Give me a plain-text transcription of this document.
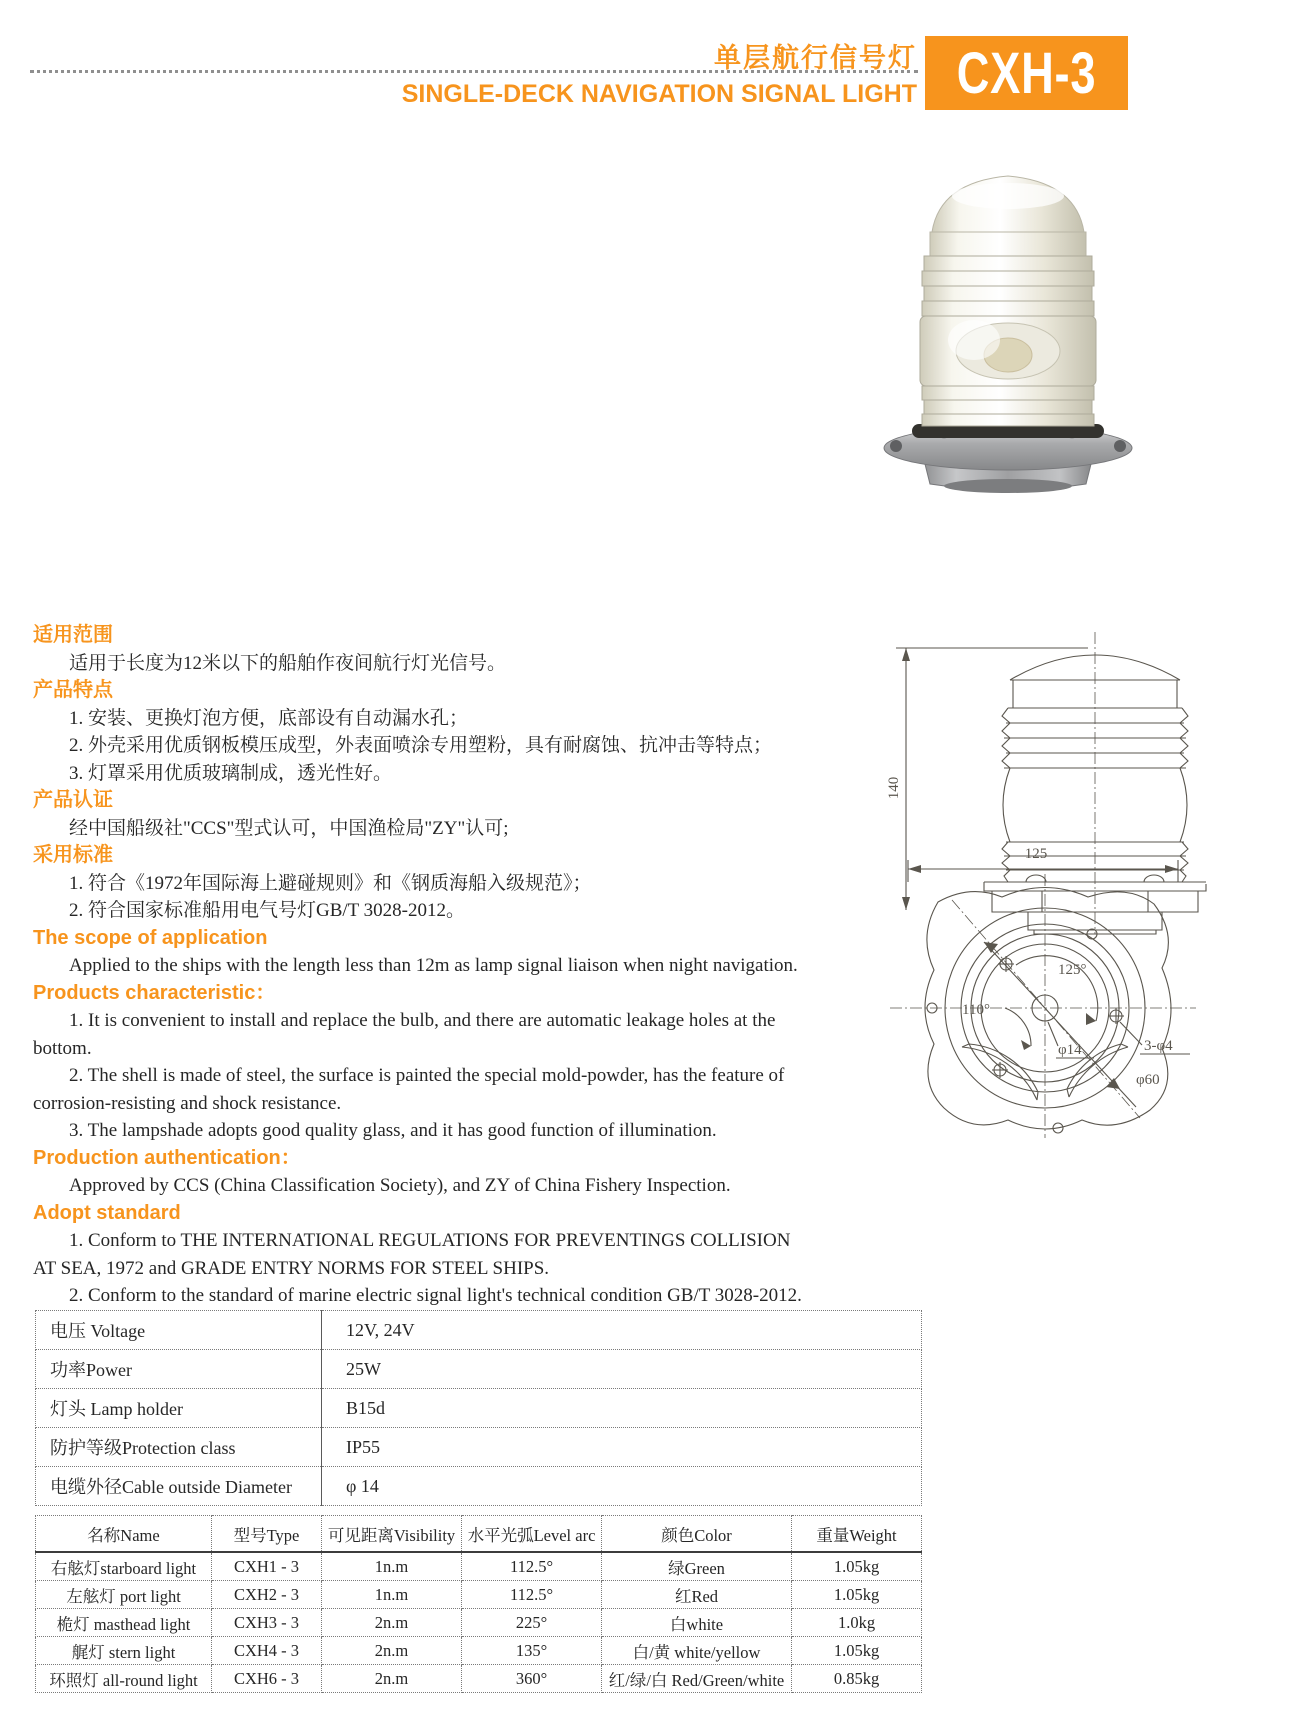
单层航行信号灯
SINGLE-DECK NAVIGATION SIGNAL LIGHT CXH-3
140
125
125°
110°
φ14	3-φ4
φ60
适用范围

适用于长度为12米以下的船舶作夜间航行灯光信号。

产品特点

1. 安装、更换灯泡方便，底部设有自动漏水孔；

2. 外壳采用优质钢板模压成型，外表面喷涂专用塑粉，具有耐腐蚀、抗冲击等特点；

3. 灯罩采用优质玻璃制成，透光性好。

产品认证

经中国船级社"CCS"型式认可，中国渔检局"ZY"认可;

采用标准

1. 符合《1972年国际海上避碰规则》和《钢质海船入级规范》；

2. 符合国家标准船用电气号灯GB/T 3028-2012。

The scope of application

Applied to the ships with the length less than 12m as lamp signal liaison when night navigation.

Products characteristic：

1. It is convenient to install and replace the bulb, and there are automatic leakage holes at the

bottom.

2. The shell is made of steel, the surface is painted the special mold-powder, has the feature of

corrosion-resisting and shock resistance.

3. The lampshade adopts good quality glass, and it has good function of illumination.

Production authentication：

Approved by CCS (China Classification Society), and ZY of China Fishery Inspection.

Adopt standard

1. Conform to THE INTERNATIONAL REGULATIONS FOR PREVENTINGS COLLISION

AT SEA, 1972 and GRADE ENTRY NORMS FOR STEEL SHIPS.

2. Conform to the standard of marine electric signal light's technical condition GB/T 3028-2012.

电压 Voltage	12V, 24V
功率Power	25W
灯头 Lamp holder	B15d
防护等级Protection class	IP55
电缆外径Cable outside Diameter	φ 14
名称Name	型号Type	可见距离Visibility	水平光弧Level arc	颜色Color	重量Weight
右舷灯starboard light	CXH1 - 3	1n.m	112.5°	绿Green	1.05kg
左舷灯 port light	CXH2 - 3	1n.m	112.5°	红Red	1.05kg
桅灯 masthead light	CXH3 - 3	2n.m	225°	白white	1.0kg
艉灯 stern light	CXH4 - 3	2n.m	135°	白/黄 white/yellow	1.05kg
环照灯 all-round light	CXH6 - 3	2n.m	360°	红/绿/白 Red/Green/white	0.85kg
